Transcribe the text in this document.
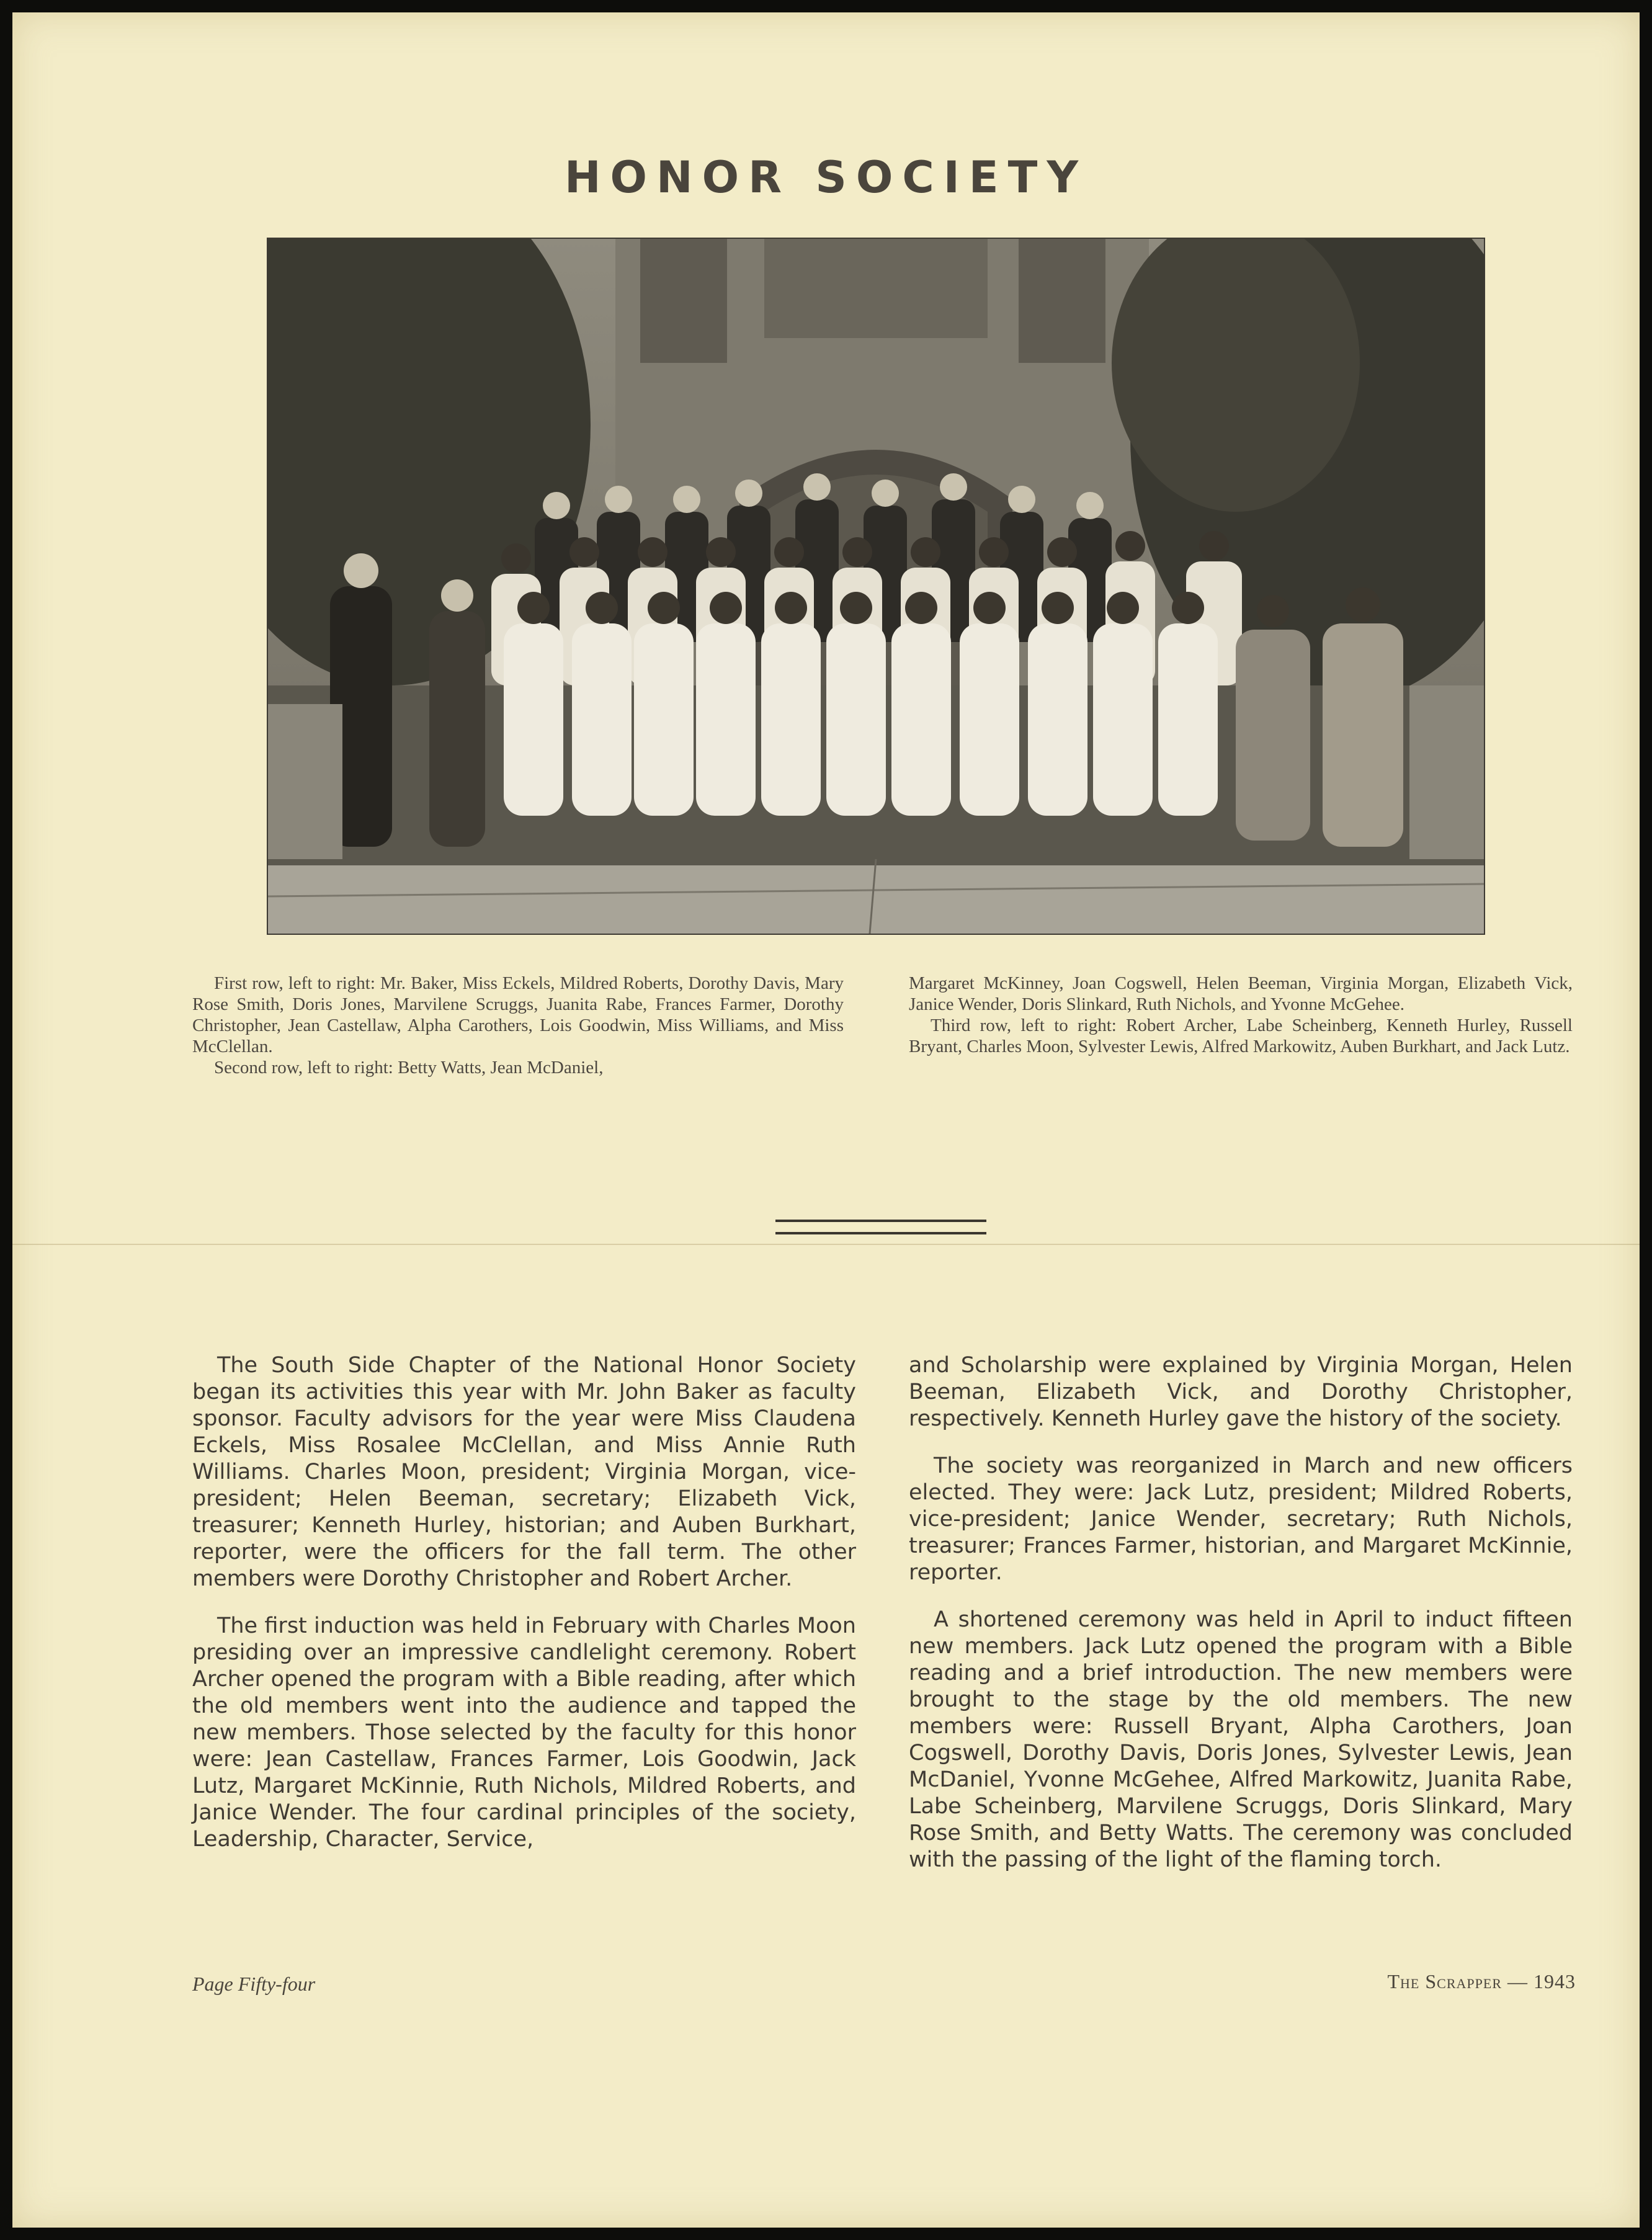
HONOR SOCIETY

First row, left to right: Mr. Baker, Miss Eckels, Mildred Roberts, Dorothy Davis, Mary Rose Smith, Doris Jones, Marvilene Scruggs, Juanita Rabe, Frances Farmer, Dorothy Christopher, Jean Castellaw, Alpha Carothers, Lois Goodwin, Miss Williams, and Miss McClellan.

Second row, left to right: Betty Watts, Jean McDaniel,

Margaret McKinney, Joan Cogswell, Helen Beeman, Virginia Morgan, Elizabeth Vick, Janice Wender, Doris Slinkard, Ruth Nichols, and Yvonne McGehee.

Third row, left to right: Robert Archer, Labe Scheinberg, Kenneth Hurley, Russell Bryant, Charles Moon, Sylvester Lewis, Alfred Markowitz, Auben Burkhart, and Jack Lutz.

The South Side Chapter of the National Honor Society began its activities this year with Mr. John Baker as faculty sponsor. Faculty advisors for the year were Miss Claudena Eckels, Miss Rosalee McClellan, and Miss Annie Ruth Williams. Charles Moon, president; Virginia Morgan, vice-president; Helen Beeman, secretary; Elizabeth Vick, treasurer; Kenneth Hurley, historian; and Auben Burkhart, reporter, were the officers for the fall term. The other members were Dorothy Christopher and Robert Archer.

The first induction was held in February with Charles Moon presiding over an impressive candlelight ceremony. Robert Archer opened the program with a Bible reading, after which the old members went into the audience and tapped the new members. Those selected by the faculty for this honor were: Jean Castellaw, Frances Farmer, Lois Goodwin, Jack Lutz, Margaret McKinnie, Ruth Nichols, Mildred Roberts, and Janice Wender. The four cardinal principles of the society, Leadership, Character, Service,

and Scholarship were explained by Virginia Morgan, Helen Beeman, Elizabeth Vick, and Dorothy Christopher, respectively. Kenneth Hurley gave the history of the society.

The society was reorganized in March and new officers elected. They were: Jack Lutz, president; Mildred Roberts, vice-president; Janice Wender, secretary; Ruth Nichols, treasurer; Frances Farmer, historian, and Margaret McKinnie, reporter.

A shortened ceremony was held in April to induct fifteen new members. Jack Lutz opened the program with a Bible reading and a brief introduction. The new members were brought to the stage by the old members. The new members were: Russell Bryant, Alpha Carothers, Joan Cogswell, Dorothy Davis, Doris Jones, Sylvester Lewis, Jean McDaniel, Yvonne McGehee, Alfred Markowitz, Juanita Rabe, Labe Scheinberg, Marvilene Scruggs, Doris Slinkard, Mary Rose Smith, and Betty Watts. The ceremony was concluded with the passing of the light of the flaming torch.

Page Fifty-four	The Scrapper — 1943
